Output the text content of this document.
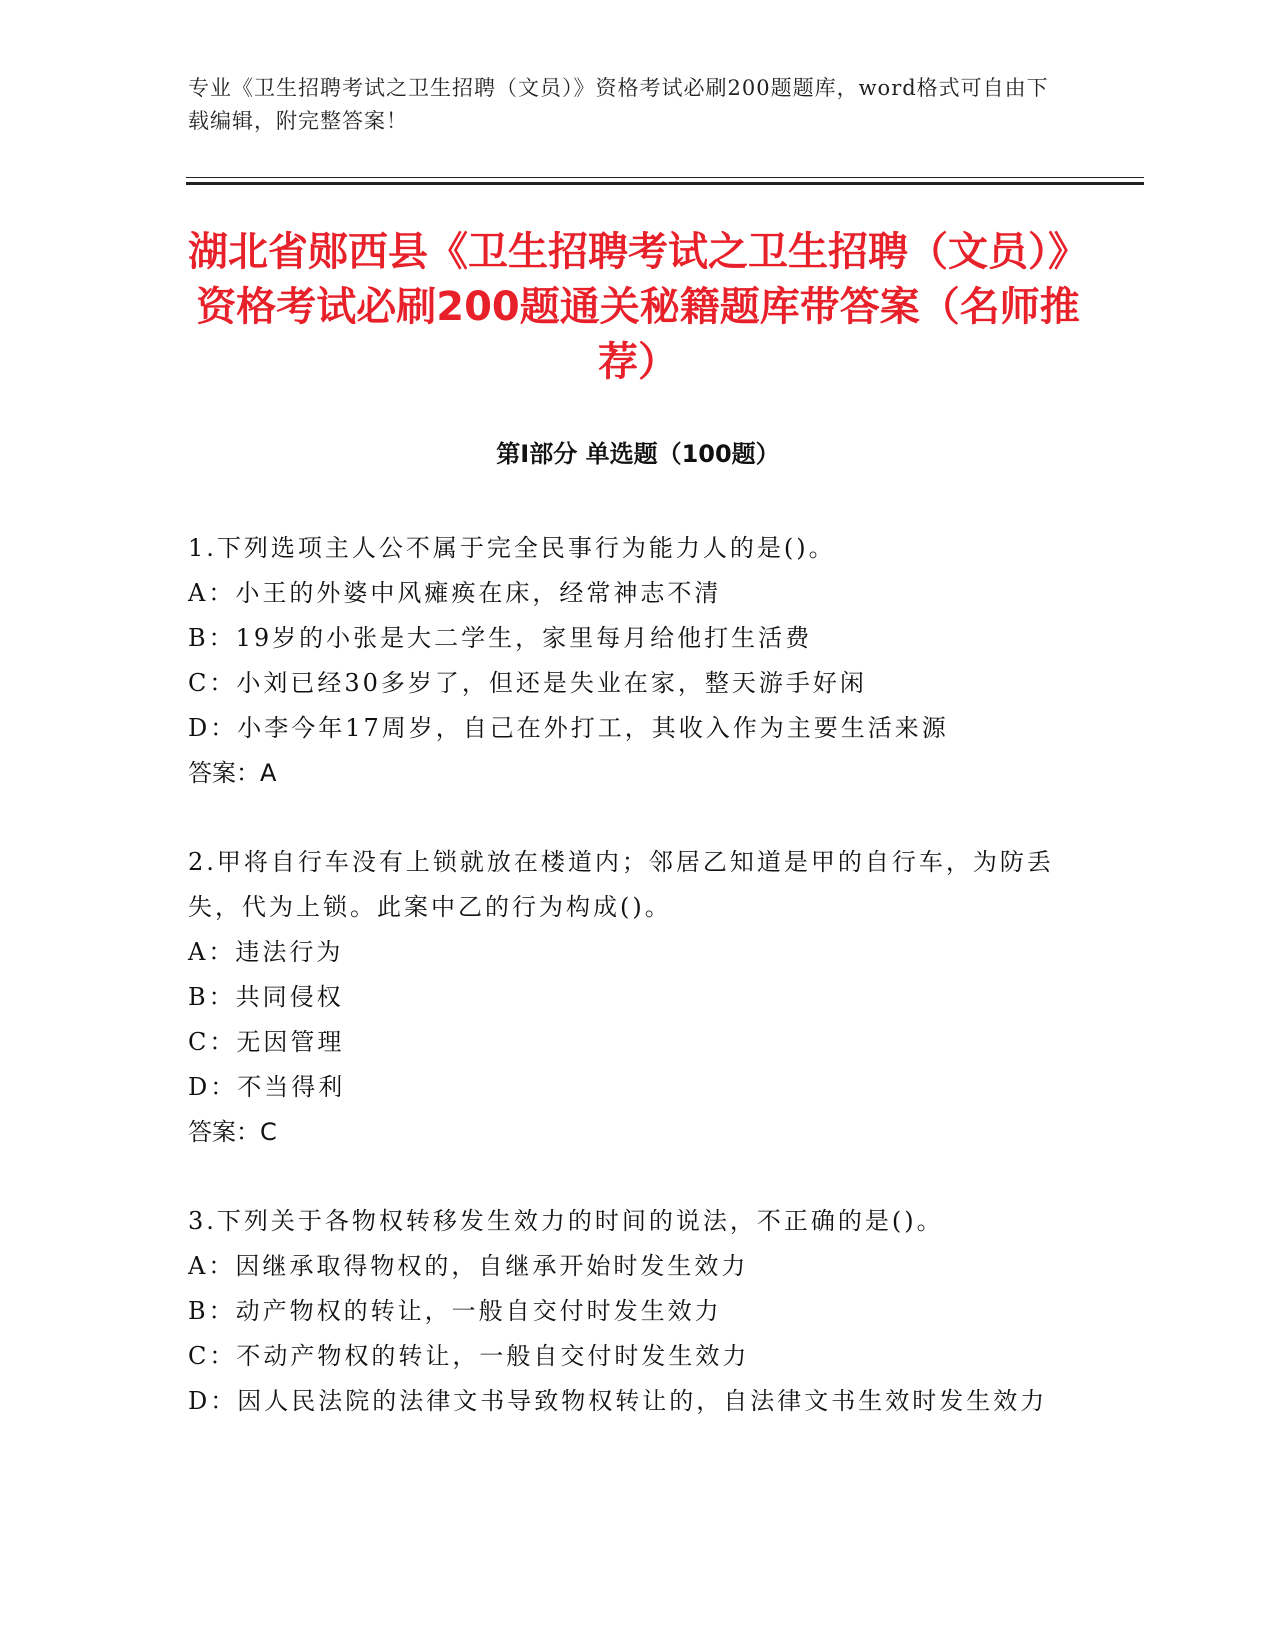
专业《卫生招聘考试之卫生招聘（文员）》资格考试必刷200题题库，word格式可自由下载编辑，附完整答案！
湖北省郧西县《卫生招聘考试之卫生招聘（文员）》资格考试必刷200题通关秘籍题库带答案（名师推荐）
第Ⅰ部分 单选题（100题）
1.下列选项主人公不属于完全民事行为能力人的是()。
A：小王的外婆中风瘫痪在床，经常神志不清
B：19岁的小张是大二学生，家里每月给他打生活费
C：小刘已经30多岁了，但还是失业在家，整天游手好闲
D：小李今年17周岁，自己在外打工，其收入作为主要生活来源
答案：A
2.甲将自行车没有上锁就放在楼道内；邻居乙知道是甲的自行车，为防丢失，代为上锁。此案中乙的行为构成()。
A：违法行为
B：共同侵权
C：无因管理
D：不当得利
答案：C
3.下列关于各物权转移发生效力的时间的说法，不正确的是()。
A：因继承取得物权的，自继承开始时发生效力
B：动产物权的转让，一般自交付时发生效力
C：不动产物权的转让，一般自交付时发生效力
D：因人民法院的法律文书导致物权转让的，自法律文书生效时发生效力
